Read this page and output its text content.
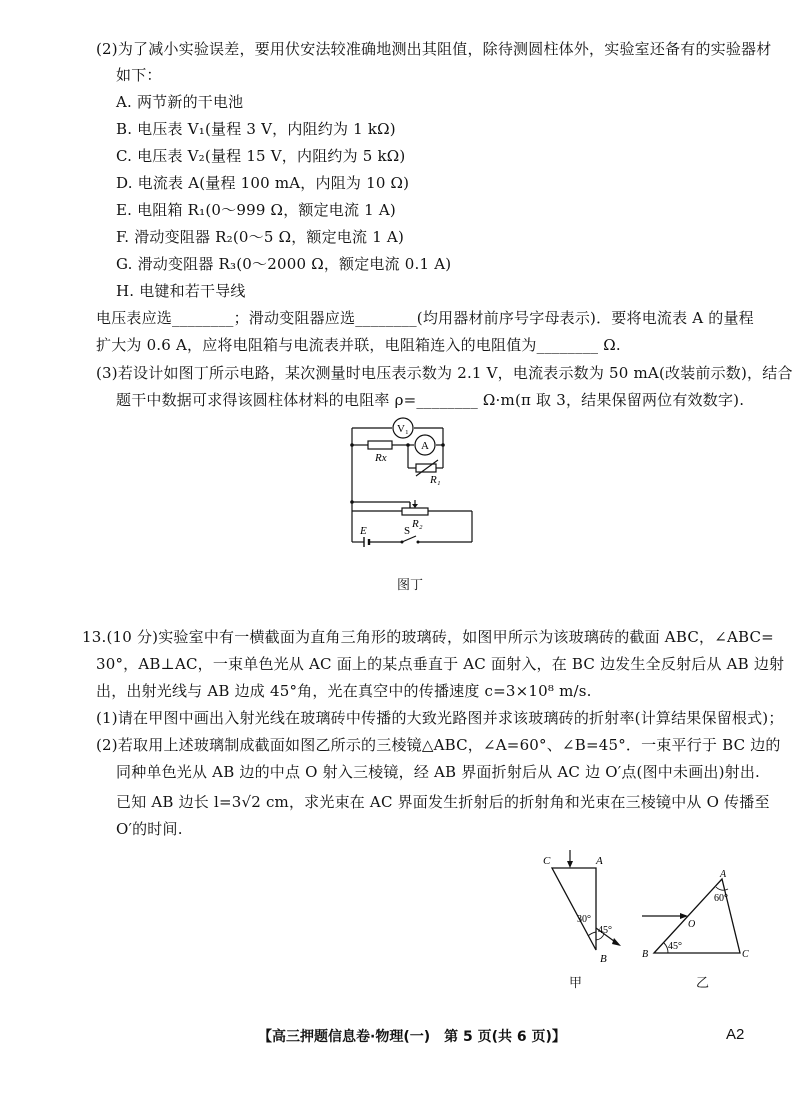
(2)为了减小实验误差，要用伏安法较准确地测出其阻值，除待测圆柱体外，实验室还备有的实验器材
如下：
A. 两节新的干电池
B. 电压表 V₁(量程 3 V，内阻约为 1 kΩ)
C. 电压表 V₂(量程 15 V，内阻约为 5 kΩ)
D. 电流表 A(量程 100 mA，内阻为 10 Ω)
E. 电阻箱 R₁(0～999 Ω，额定电流 1 A)
F. 滑动变阻器 R₂(0～5 Ω，额定电流 1 A)
G. 滑动变阻器 R₃(0～2000 Ω，额定电流 0.1 A)
H. 电键和若干导线
电压表应选________；滑动变阻器应选________(均用器材前序号字母表示)．要将电流表 A 的量程
扩大为 0.6 A，应将电阻箱与电流表并联，电阻箱连入的电阻值为________ Ω.
(3)若设计如图丁所示电路，某次测量时电压表示数为 2.1 V，电流表示数为 50 mA(改装前示数)，结合
题干中数据可求得该圆柱体材料的电阻率 ρ=________ Ω·m(π 取 3，结果保留两位有效数字).
V₁
A
Rx
R₁
R₂
E	S
图丁
13.(10 分)实验室中有一横截面为直角三角形的玻璃砖，如图甲所示为该玻璃砖的截面 ABC，∠ABC=
30°，AB⊥AC，一束单色光从 AC 面上的某点垂直于 AC 面射入，在 BC 边发生全反射后从 AB 边射
出，出射光线与 AB 边成 45°角，光在真空中的传播速度 c=3×10⁸ m/s.
(1)请在甲图中画出入射光线在玻璃砖中传播的大致光路图并求该玻璃砖的折射率(计算结果保留根式)；
(2)若取用上述玻璃制成截面如图乙所示的三棱镜△ABC，∠A=60°、∠B=45°．一束平行于 BC 边的
同种单色光从 AB 边的中点 O 射入三棱镜，经 AB 界面折射后从 AC 边 O′点(图中未画出)射出.
已知 AB 边长 l=3√2 cm，求光束在 AC 界面发生折射后的折射角和光束在三棱镜中从 O 传播至
O′的时间.
C	A
B
30°
45°
甲
A
B	C
O
60°
45°
乙
【高三押题信息卷·物理(一)　第 5 页(共 6 页)】	A2
